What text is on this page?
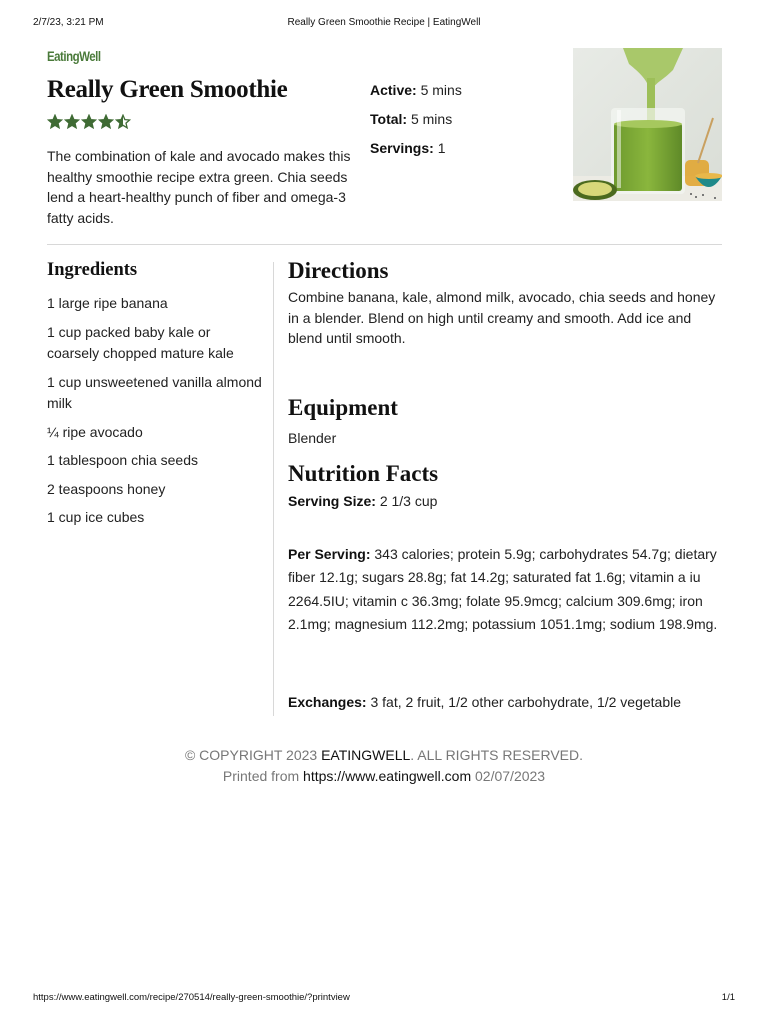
2/7/23, 3:21 PM	Really Green Smoothie Recipe | EatingWell
EatingWell
Really Green Smoothie

The combination of kale and avocado makes this healthy smoothie recipe extra green. Chia seeds lend a heart-healthy punch of fiber and omega-3 fatty acids.

Active: 5 mins
Total: 5 mins
Servings: 1
Ingredients
1 large ripe banana
1 cup packed baby kale or coarsely chopped mature kale
1 cup unsweetened vanilla almond milk
¼ ripe avocado
1 tablespoon chia seeds
2 teaspoons honey
1 cup ice cubes
Directions

Combine banana, kale, almond milk, avocado, chia seeds and honey in a blender. Blend on high until creamy and smooth. Add ice and blend until smooth.

Equipment

Blender

Nutrition Facts

Serving Size: 2 1/3 cup

Per Serving: 343 calories; protein 5.9g; carbohydrates 54.7g; dietary fiber 12.1g; sugars 28.8g; fat 14.2g; saturated fat 1.6g; vitamin a iu 2264.5IU; vitamin c 36.3mg; folate 95.9mcg; calcium 309.6mg; iron 2.1mg; magnesium 112.2mg; potassium 1051.1mg; sodium 198.9mg.

Exchanges: 3 fat, 2 fruit, 1/2 other carbohydrate, 1/2 vegetable

© COPYRIGHT 2023 EATINGWELL. ALL RIGHTS RESERVED.
Printed from https://www.eatingwell.com 02/07/2023
https://www.eatingwell.com/recipe/270514/really-green-smoothie/?printview	1/1
